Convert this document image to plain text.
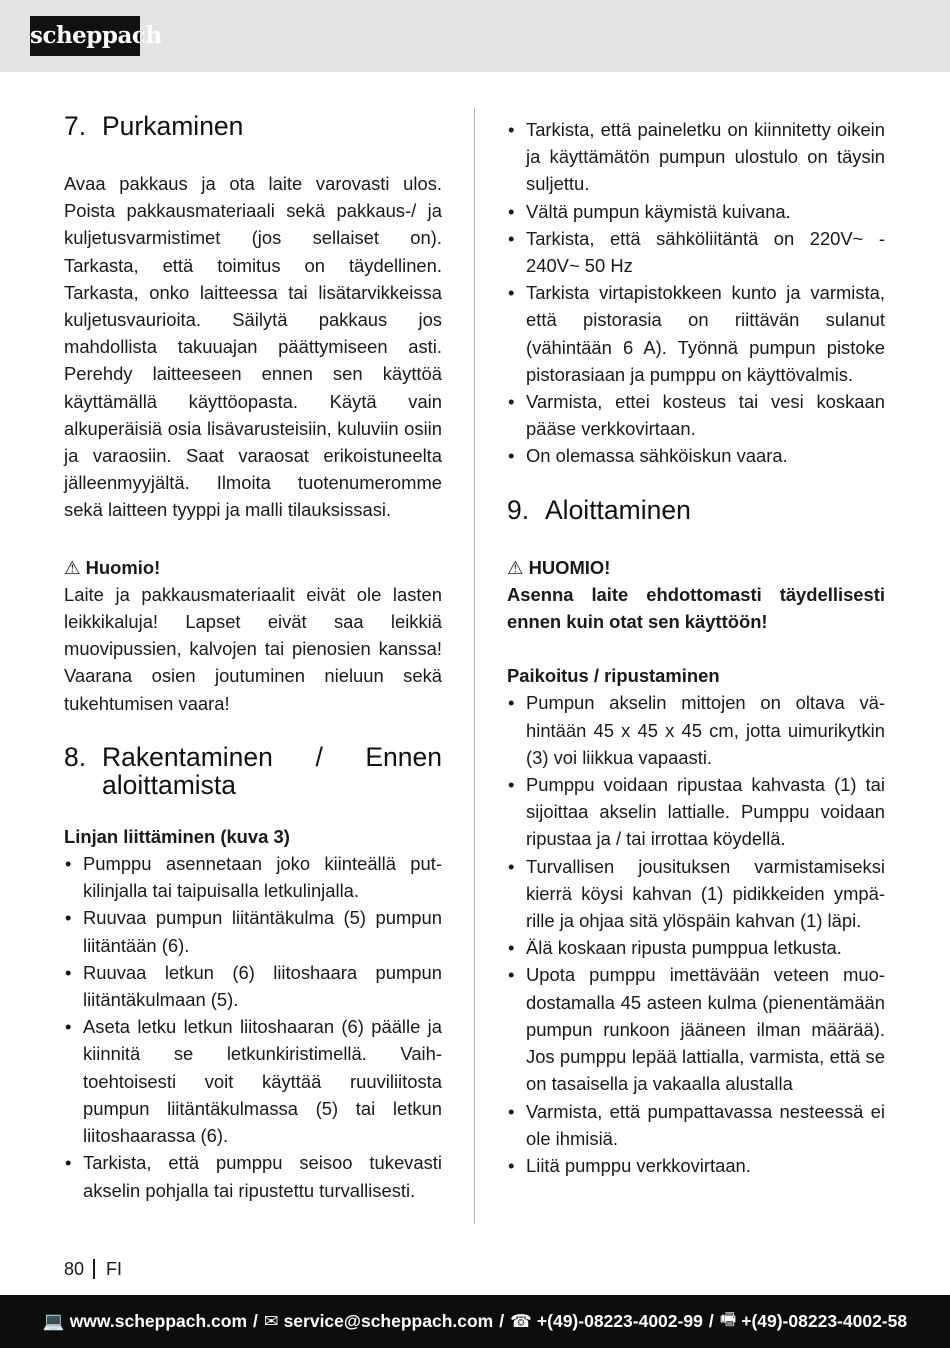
scheppach
7. Purkaminen

Avaa pakkaus ja ota laite varovasti ulos. Poista pakkausmateriaali sekä pakkaus-/ ja kuljetusvarmistimet (jos sellaiset on). Tarkasta, että toimitus on täydellinen. Tarkasta, onko laitteessa tai lisätarvikkeissa kuljetusvaurioita. Säilytä pakkaus jos mahdollista takuuajan päättymiseen asti. Perehdy laitteeseen ennen sen käyttöä käyttämällä käyttöopasta. Käytä vain alkuperäisiä osia lisävarusteisiin, kuluviin osiin ja varaosiin. Saat varaosat erikoistuneelta jälleenmyyjältä. Ilmoita tuotenumeromme sekä laitteen tyyppi ja malli tilauksissasi.

⚠ Huomio!

Laite ja pakkausmateriaalit eivät ole lasten leikkikaluja! Lapset eivät saa leikkiä muovipussien, kalvojen tai pienosien kanssa! Vaarana osien joutuminen nieluun sekä tukehtumisen vaara!

8. Rakentaminen / Ennen aloittamista

Linjan liittäminen (kuva 3)

• Pumppu asennetaan joko kiinteällä putkilinjalla tai taipuisalla letkulinjalla.
• Ruuvaa pumpun liitäntäkulma (5) pumpun liitäntään (6).
• Ruuvaa letkun (6) liitoshaara pumpun liitäntäkulmaan (5).
• Aseta letku letkun liitoshaaran (6) päälle ja kiinnitä se letkunkiristimellä. Vaihtoehtoisesti voit käyttää ruuviliitosta pumpun liitäntäkulmassa (5) tai letkun liitoshaarassa (6).
• Tarkista, että pumppu seisoo tukevasti akselin pohjalla tai ripustettu turvallisesti.
• Tarkista, että paineletku on kiinnitetty oikein ja käyttämätön pumpun ulostulo on täysin suljettu.
• Vältä pumpun käymistä kuivana.
• Tarkista, että sähköliitäntä on 220V~ - 240V~ 50 Hz
• Tarkista virtapistokkeen kunto ja varmista, että pistorasia on riittävän sulanut (vähintään 6 A). Työnnä pumpun pistoke pistorasiaan ja pumppu on käyttövalmis.
• Varmista, ettei kosteus tai vesi koskaan pääse verkkovirtaan.
• On olemassa sähköiskun vaara.
9. Aloittaminen

⚠ HUOMIO!

Asenna laite ehdottomasti täydellisesti ennen kuin otat sen käyttöön!

Paikoitus / ripustaminen

• Pumpun akselin mittojen on oltava vähintään 45 x 45 x 45 cm, jotta uimurikytkin (3) voi liikkua vapaasti.
• Pumppu voidaan ripustaa kahvasta (1) tai sijoittaa akselin lattialle. Pumppu voidaan ripustaa ja / tai irrottaa köydellä.
• Turvallisen jousituksen varmistamiseksi kierrä köysi kahvan (1) pidikkeiden ympärille ja ohjaa sitä ylöspäin kahvan (1) läpi.
• Älä koskaan ripusta pumppua letkusta.
• Upota pumppu imettävään veteen muodostamalla 45 asteen kulma (pienentämään pumpun runkoon jääneen ilman määrää). Jos pumppu lepää lattialla, varmista, että se on tasaisella ja vakaalla alustalla
• Varmista, että pumpattavassa nesteessä ei ole ihmisiä.
• Liitä pumppu verkkovirtaan.
80 FI
💻 www.scheppach.com / ✉ service@scheppach.com / ☎ +(49)-08223-4002-99 / 🖷 +(49)-08223-4002-58
